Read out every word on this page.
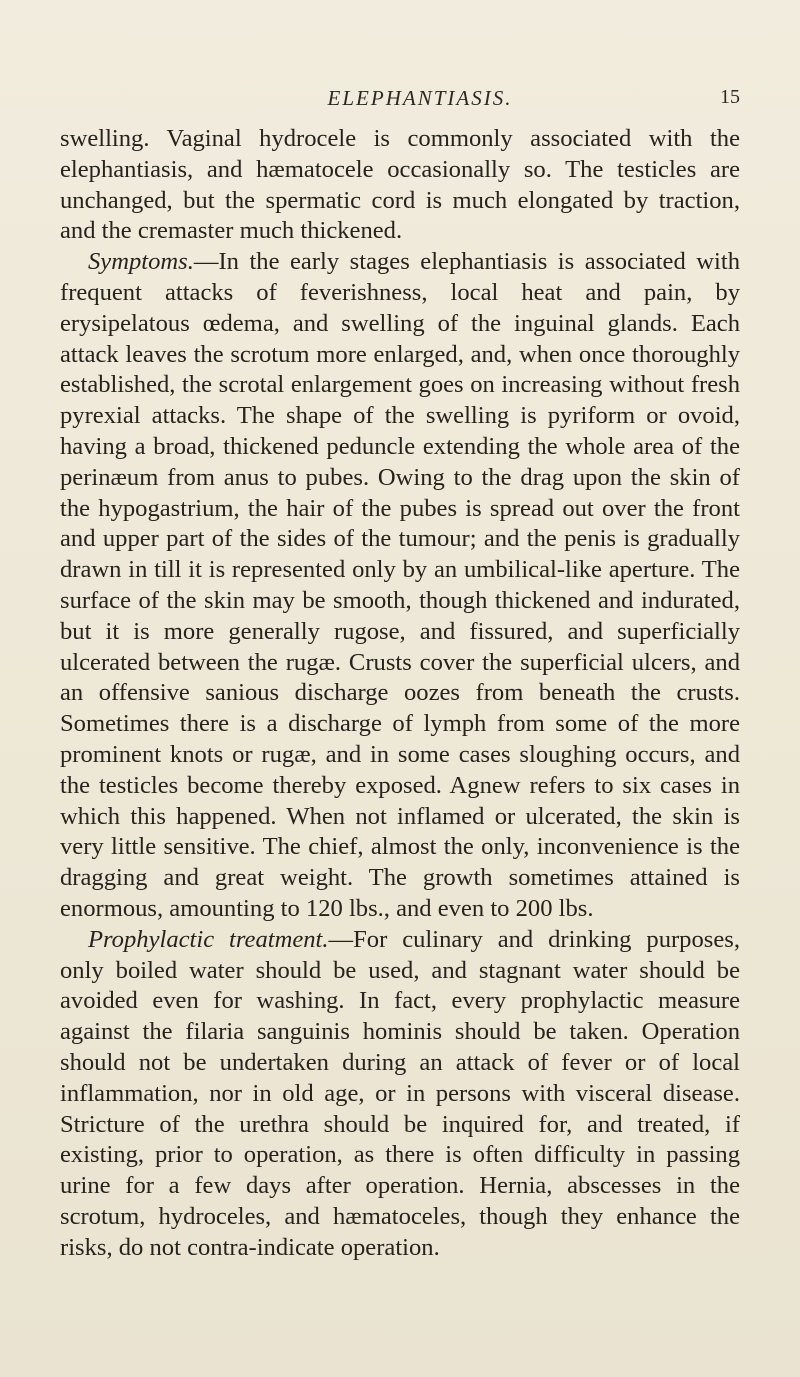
ELEPHANTIASIS.	15

swelling. Vaginal hydrocele is commonly associated with the elephantiasis, and hæmatocele occasionally so. The testicles are unchanged, but the spermatic cord is much elongated by traction, and the cremaster much thickened.

Symptoms.—In the early stages elephantiasis is associated with frequent attacks of feverishness, local heat and pain, by erysipelatous œdema, and swelling of the inguinal glands. Each attack leaves the scrotum more enlarged, and, when once thoroughly established, the scrotal enlargement goes on increasing without fresh pyrexial attacks. The shape of the swelling is pyriform or ovoid, having a broad, thickened peduncle extending the whole area of the perinæum from anus to pubes. Owing to the drag upon the skin of the hypogastrium, the hair of the pubes is spread out over the front and upper part of the sides of the tumour; and the penis is gradually drawn in till it is represented only by an umbilical-like aperture. The surface of the skin may be smooth, though thickened and indurated, but it is more generally rugose, and fissured, and superficially ulcerated between the rugæ. Crusts cover the superficial ulcers, and an offensive sanious discharge oozes from beneath the crusts. Sometimes there is a discharge of lymph from some of the more prominent knots or rugæ, and in some cases sloughing occurs, and the testicles become thereby exposed. Agnew refers to six cases in which this happened. When not inflamed or ulcerated, the skin is very little sensitive. The chief, almost the only, inconvenience is the dragging and great weight. The growth sometimes attained is enormous, amounting to 120 lbs., and even to 200 lbs.

Prophylactic treatment.—For culinary and drinking purposes, only boiled water should be used, and stagnant water should be avoided even for washing. In fact, every prophylactic measure against the filaria sanguinis hominis should be taken. Operation should not be undertaken during an attack of fever or of local inflammation, nor in old age, or in persons with visceral disease. Stricture of the urethra should be inquired for, and treated, if existing, prior to operation, as there is often difficulty in passing urine for a few days after operation. Hernia, abscesses in the scrotum, hydroceles, and hæmatoceles, though they enhance the risks, do not contra-indicate operation.
